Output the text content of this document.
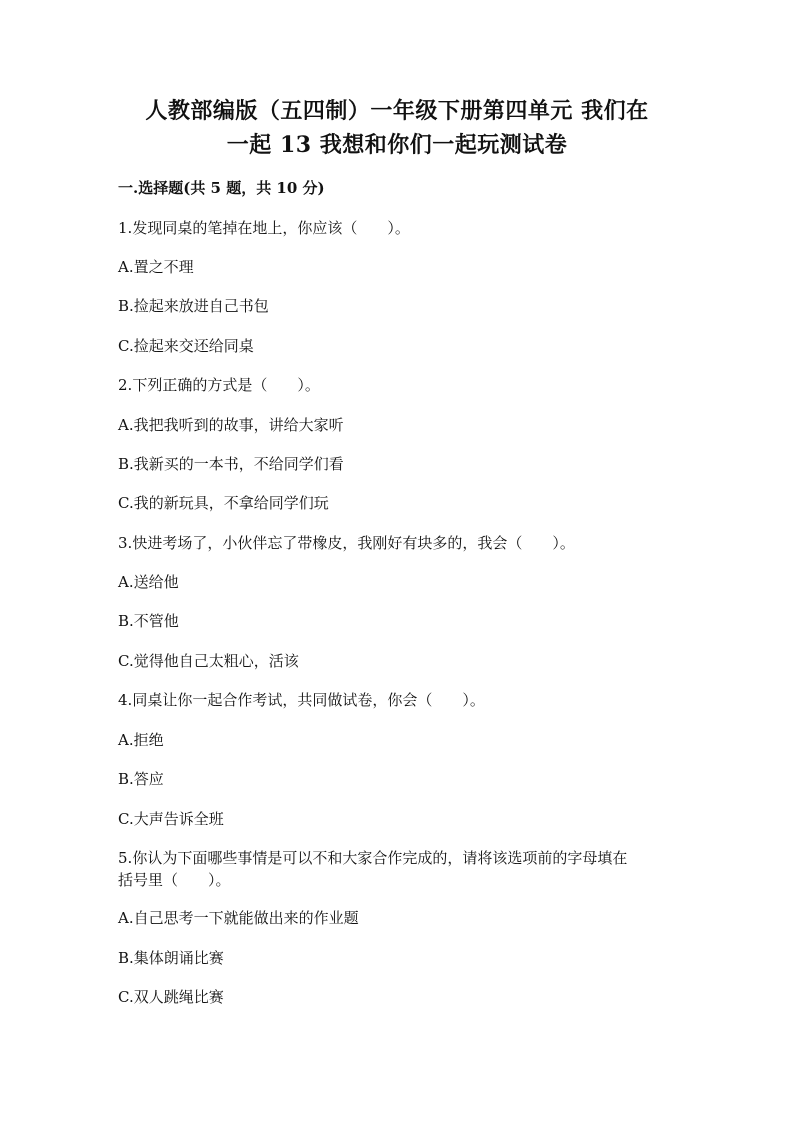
人教部编版（五四制）一年级下册第四单元 我们在
一起 13 我想和你们一起玩测试卷
一.选择题(共 5 题，共 10 分)
1.发现同桌的笔掉在地上，你应该（　　）。
A.置之不理
B.捡起来放进自己书包
C.捡起来交还给同桌
2.下列正确的方式是（　　）。
A.我把我听到的故事，讲给大家听
B.我新买的一本书，不给同学们看
C.我的新玩具，不拿给同学们玩
3.快进考场了，小伙伴忘了带橡皮，我刚好有块多的，我会（　　）。
A.送给他
B.不管他
C.觉得他自己太粗心，活该
4.同桌让你一起合作考试，共同做试卷，你会（　　）。
A.拒绝
B.答应
C.大声告诉全班
5.你认为下面哪些事情是可以不和大家合作完成的，请将该选项前的字母填在
括号里（　　）。
A.自己思考一下就能做出来的作业题
B.集体朗诵比赛
C.双人跳绳比赛
